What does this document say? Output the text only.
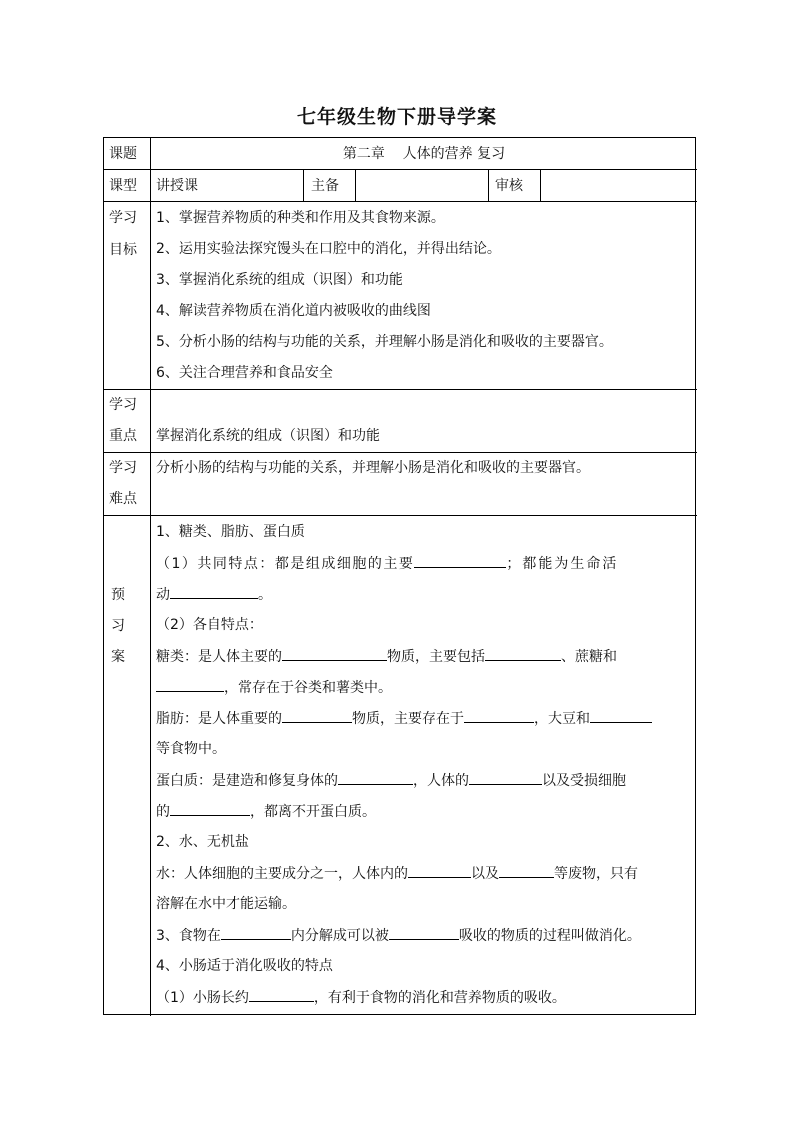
七年级生物下册导学案
课题	第二章    人体的营养 复习
课型 讲授课	主备	审核
学习
目标
1、掌握营养物质的种类和作用及其食物来源。
2、运用实验法探究馒头在口腔中的消化，并得出结论。
3、掌握消化系统的组成（识图）和功能
4、解读营养物质在消化道内被吸收的曲线图
5、分析小肠的结构与功能的关系，并理解小肠是消化和吸收的主要器官。
6、关注合理营养和食品安全
学习
重点 掌握消化系统的组成（识图）和功能
学习
难点
分析小肠的结构与功能的关系，并理解小肠是消化和吸收的主要器官。
预
习
案
1、糖类、脂肪、蛋白质
（1）共同特点：都是组成细胞的主要	；都能为生命活
动	。
（2）各自特点：
糖类：是人体主要的	物质，主要包括	、蔗糖和
，常存在于谷类和薯类中。
脂肪：是人体重要的	物质，主要存在于	，大豆和
等食物中。
蛋白质：是建造和修复身体的	，人体的	以及受损细胞
的	，都离不开蛋白质。
2、水、无机盐
水：人体细胞的主要成分之一，人体内的	以及	等废物，只有
溶解在水中才能运输。
3、食物在	内分解成可以被	吸收的物质的过程叫做消化。
4、小肠适于消化吸收的特点
（1）小肠长约	，有利于食物的消化和营养物质的吸收。
